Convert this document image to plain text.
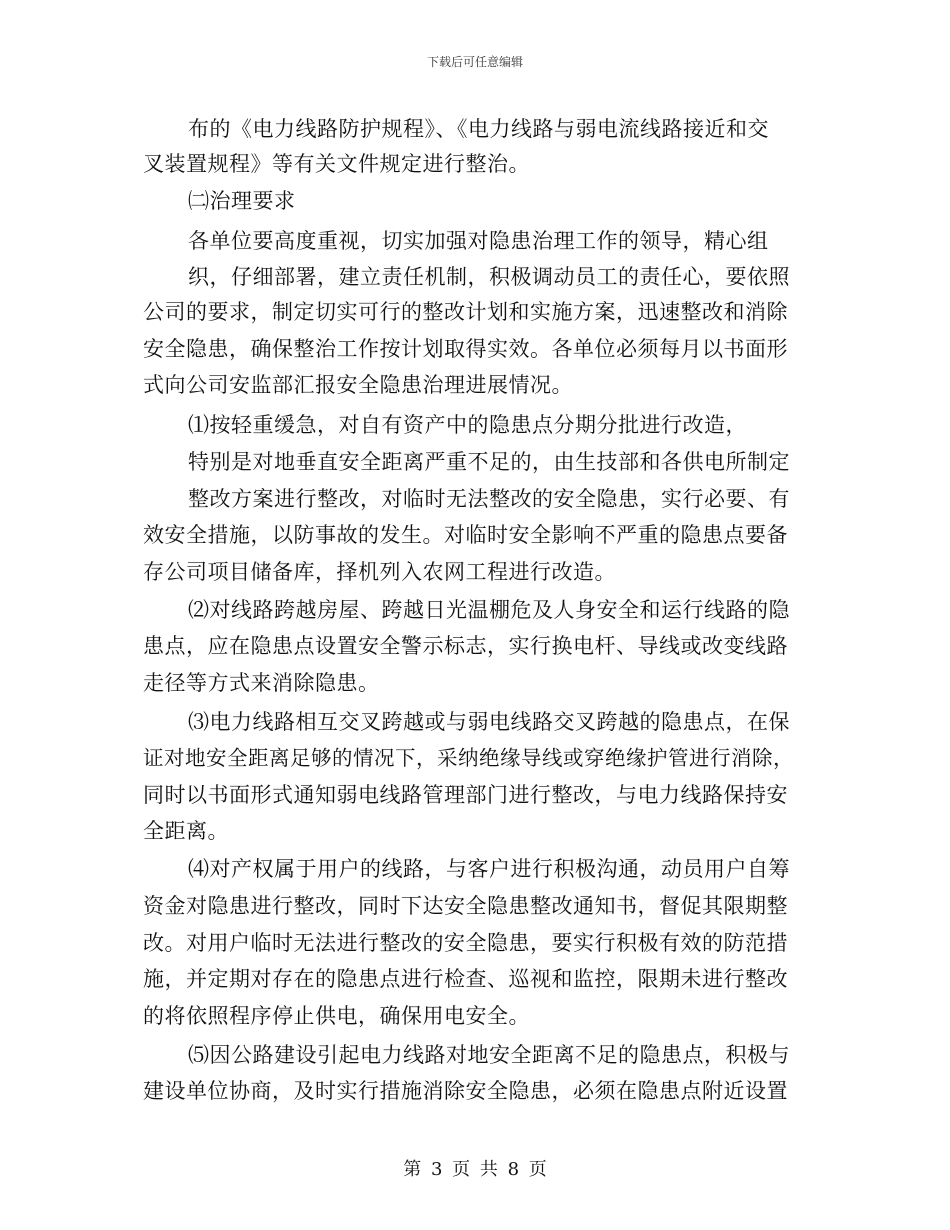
下载后可任意编辑
布的《电力线路防护规程》、《电力线路与弱电流线路接近和交
叉装置规程》等有关文件规定进行整治。
㈡治理要求
各单位要高度重视，切实加强对隐患治理工作的领导，精心组
织，仔细部署，建立责任机制，积极调动员工的责任心，要依照
公司的要求，制定切实可行的整改计划和实施方案，迅速整改和消除
安全隐患，确保整治工作按计划取得实效。各单位必须每月以书面形
式向公司安监部汇报安全隐患治理进展情况。
⑴按轻重缓急，对自有资产中的隐患点分期分批进行改造，
特别是对地垂直安全距离严重不足的，由生技部和各供电所制定
整改方案进行整改，对临时无法整改的安全隐患，实行必要、有
效安全措施，以防事故的发生。对临时安全影响不严重的隐患点要备
存公司项目储备库，择机列入农网工程进行改造。
⑵对线路跨越房屋、跨越日光温棚危及人身安全和运行线路的隐
患点，应在隐患点设置安全警示标志，实行换电杆、导线或改变线路
走径等方式来消除隐患。
⑶电力线路相互交叉跨越或与弱电线路交叉跨越的隐患点，在保
证对地安全距离足够的情况下，采纳绝缘导线或穿绝缘护管进行消除，
同时以书面形式通知弱电线路管理部门进行整改，与电力线路保持安
全距离。
⑷对产权属于用户的线路，与客户进行积极沟通，动员用户自筹
资金对隐患进行整改，同时下达安全隐患整改通知书，督促其限期整
改。对用户临时无法进行整改的安全隐患，要实行积极有效的防范措
施，并定期对存在的隐患点进行检查、巡视和监控，限期未进行整改
的将依照程序停止供电，确保用电安全。
⑸因公路建设引起电力线路对地安全距离不足的隐患点，积极与
建设单位协商，及时实行措施消除安全隐患，必须在隐患点附近设置
第 3 页 共 8 页
